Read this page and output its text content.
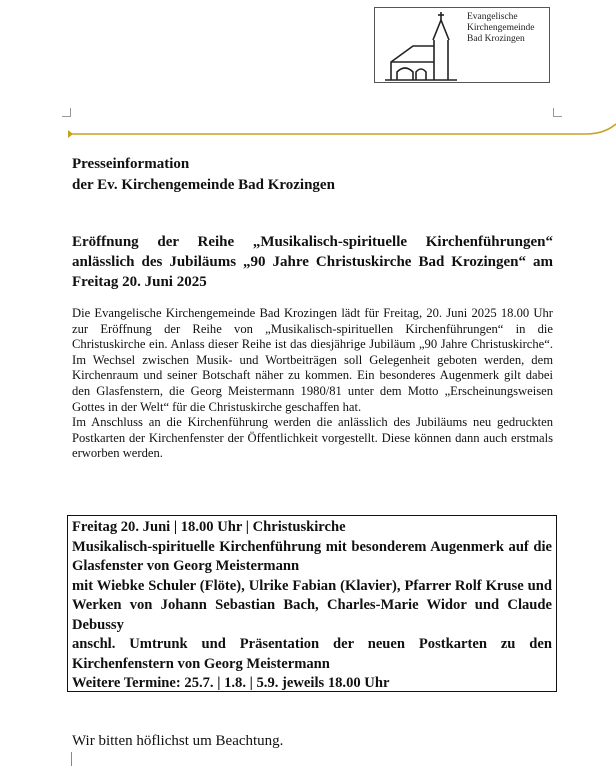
Evangelische
Kirchengemeinde
Bad Krozingen
Presseinformation
der Ev. Kirchengemeinde Bad Krozingen
Eröffnung der Reihe „Musikalisch-spirituelle Kirchenführungen“ anlässlich des Jubiläums „90 Jahre Christuskirche Bad Krozingen“ am Freitag 20. Juni 2025
Die Evangelische Kirchengemeinde Bad Krozingen lädt für Freitag, 20. Juni 2025 18.00 Uhr zur Eröffnung der Reihe von „Musikalisch-spirituellen Kirchenführungen“ in die Christuskirche ein. Anlass dieser Reihe ist das diesjährige Jubiläum „90 Jahre Christuskirche“. Im Wechsel zwischen Musik- und Wortbeiträgen soll Gelegenheit geboten werden, dem Kirchenraum und seiner Botschaft näher zu kommen. Ein besonderes Augenmerk gilt dabei den Glasfenstern, die Georg Meistermann 1980/81 unter dem Motto „Erscheinungsweisen Gottes in der Welt“ für die Christuskirche geschaffen hat.
Im Anschluss an die Kirchenführung werden die anlässlich des Jubiläums neu gedruckten Postkarten der Kirchenfenster der Öffentlichkeit vorgestellt. Diese können dann auch erstmals erworben werden.

Freitag 20. Juni | 18.00 Uhr | Christuskirche

Musikalisch-spirituelle Kirchenführung mit besonderem Augenmerk auf die Glasfenster von Georg Meistermann

mit Wiebke Schuler (Flöte), Ulrike Fabian (Klavier), Pfarrer Rolf Kruse und Werken von Johann Sebastian Bach, Charles-Marie Widor und Claude Debussy

anschl. Umtrunk und Präsentation der neuen Postkarten zu den Kirchenfenstern von Georg Meistermann

Weitere Termine: 25.7. | 1.8. | 5.9. jeweils 18.00 Uhr

Wir bitten höflichst um Beachtung.
